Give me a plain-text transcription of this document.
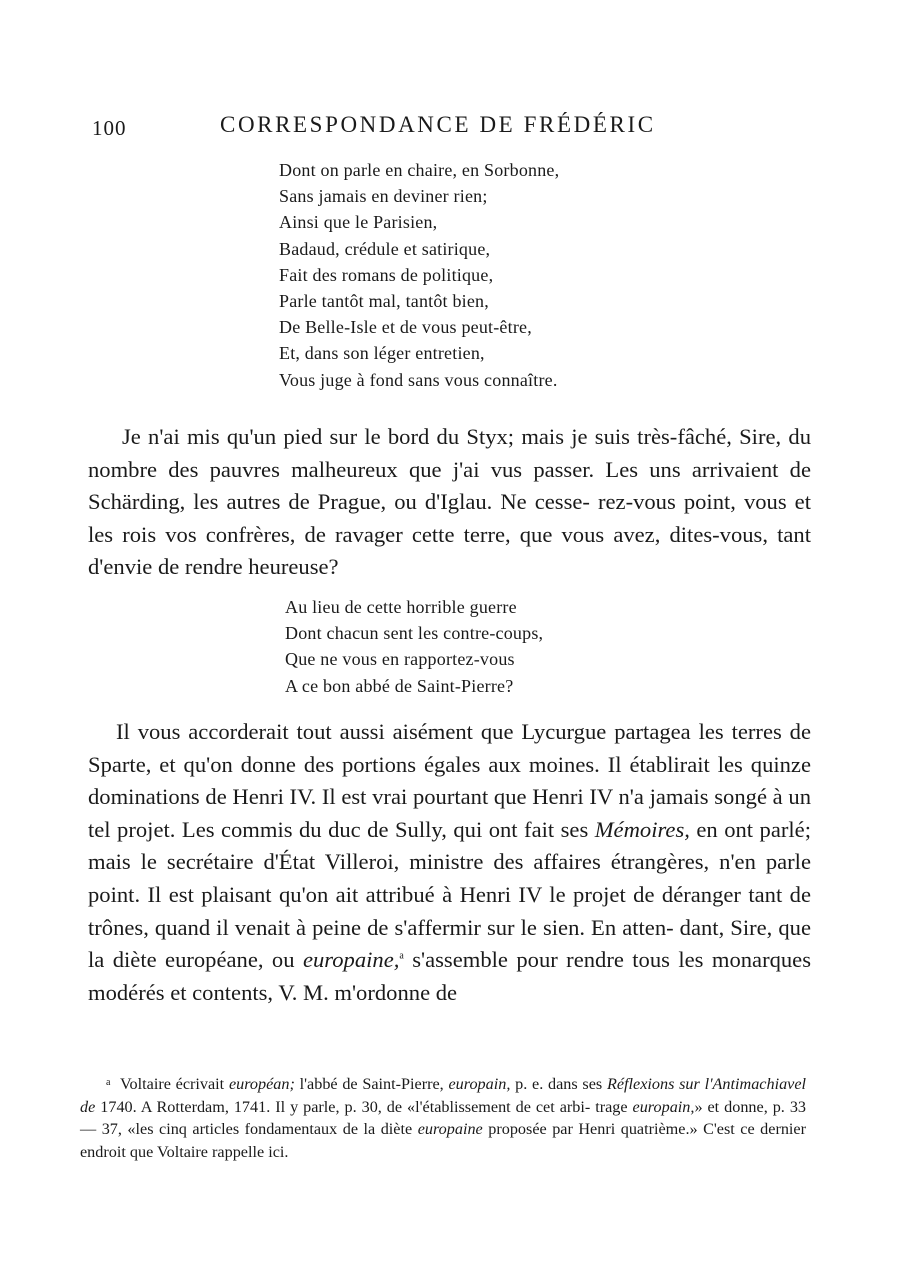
100	CORRESPONDANCE DE FRÉDÉRIC
Dont on parle en chaire, en Sorbonne,
Sans jamais en deviner rien;
Ainsi que le Parisien,
Badaud, crédule et satirique,
Fait des romans de politique,
Parle tantôt mal, tantôt bien,
De Belle-Isle et de vous peut-être,
Et, dans son léger entretien,
Vous juge à fond sans vous connaître.

Je n'ai mis qu'un pied sur le bord du Styx; mais je suis très-fâché, Sire, du nombre des pauvres malheureux que j'ai vus passer. Les uns arrivaient de Schärding, les autres de Prague, ou d'Iglau. Ne cesse- rez-vous point, vous et les rois vos confrères, de ravager cette terre, que vous avez, dites-vous, tant d'envie de rendre heureuse?

Au lieu de cette horrible guerre
Dont chacun sent les contre-coups,
Que ne vous en rapportez-vous
A ce bon abbé de Saint-Pierre?

Il vous accorderait tout aussi aisément que Lycurgue partagea les terres de Sparte, et qu'on donne des portions égales aux moines. Il établirait les quinze dominations de Henri IV. Il est vrai pourtant que Henri IV n'a jamais songé à un tel projet. Les commis du duc de Sully, qui ont fait ses Mémoires, en ont parlé; mais le secrétaire d'État Villeroi, ministre des affaires étrangères, n'en parle point. Il est plaisant qu'on ait attribué à Henri IV le projet de déranger tant de trônes, quand il venait à peine de s'affermir sur le sien. En atten- dant, Sire, que la diète européane, ou europaine,$^a$ s'assemble pour rendre tous les monarques modérés et contents, V. M. m'ordonne de

$^a$ Voltaire écrivait européan; l'abbé de Saint-Pierre, europain, p. e. dans ses Réflexions sur l'Antimachiavel de 1740. A Rotterdam, 1741. Il y parle, p. 30, de «l'établissement de cet arbi- trage europain,» et donne, p. 33 — 37, «les cinq articles fondamentaux de la diète europaine proposée par Henri quatrième.» C'est ce dernier endroit que Voltaire rappelle ici.
